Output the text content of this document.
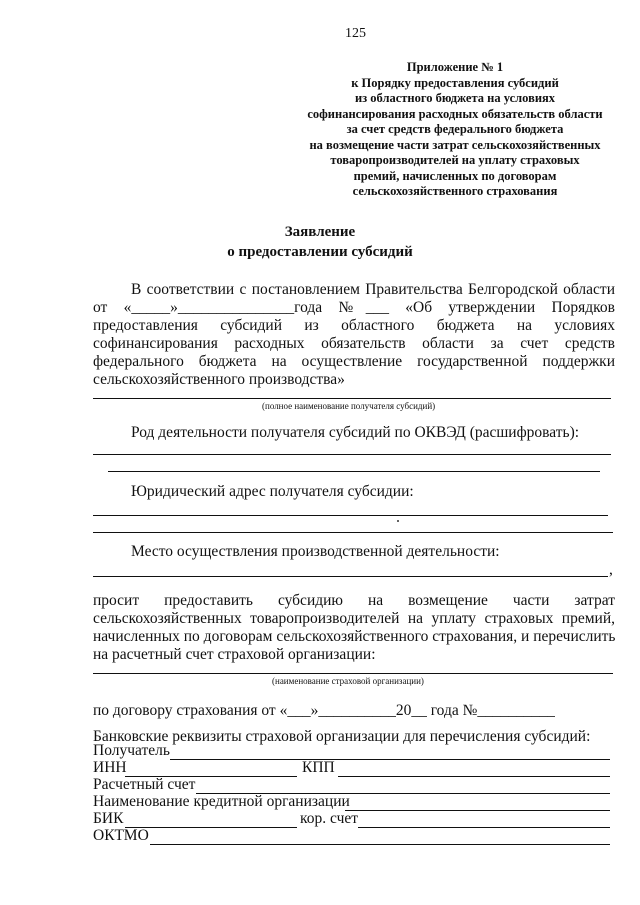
125
Приложение № 1
к Порядку предоставления субсидий
из областного бюджета на условиях
софинансирования расходных обязательств области
за счет средств федерального бюджета
на возмещение части затрат сельскохозяйственных
товаропроизводителей на уплату страховых
премий, начисленных по договорам
сельскохозяйственного страхования
Заявление
о предоставлении субсидий
В соответствии с постановлением Правительства Белгородской области
от «_____»_______________года №___ «Об утверждении Порядков
предоставления субсидий из областного бюджета на условиях
софинансирования расходных обязательств области за счет средств
федерального бюджета на осуществление государственной поддержки
сельскохозяйственного производства»
(полное наименование получателя субсидий)
Род деятельности получателя субсидий по ОКВЭД (расшифровать):
Юридический адрес получателя субсидии:
Место осуществления производственной деятельности:
,
просит предоставить субсидию на возмещение части затрат
сельскохозяйственных товаропроизводителей на уплату страховых премий,
начисленных по договорам сельскохозяйственного страхования, и перечислить
на расчетный счет страховой организации:
(наименование страховой организации)
по договору страхования от «___»__________20__ года №__________
Банковские реквизиты страховой организации для перечисления субсидий:
Получатель
ИНН	КПП
Расчетный счет
Наименование кредитной организации
БИК	кор. счет
ОКТМО
